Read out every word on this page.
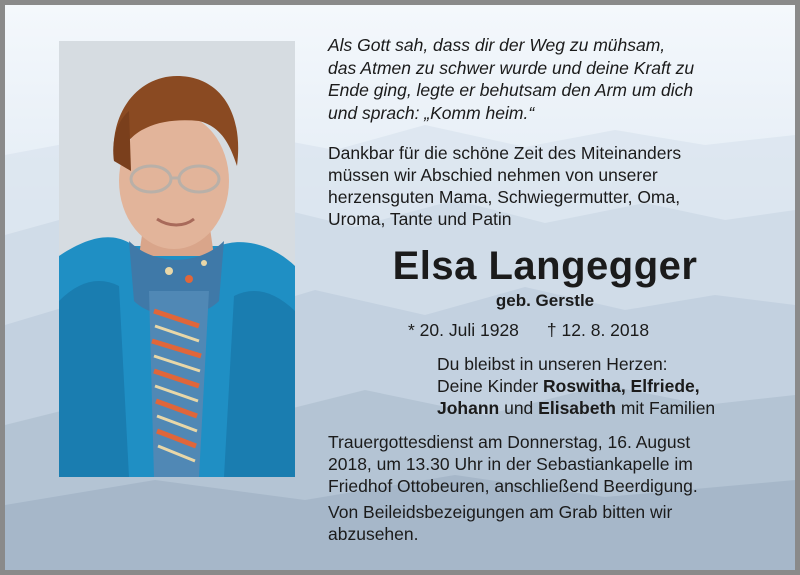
Als Gott sah, dass dir der Weg zu mühsam,
das Atmen zu schwer wurde und deine Kraft zu
Ende ging, legte er behutsam den Arm um dich
und sprach: „Komm heim.“
Dankbar für die schöne Zeit des Miteinanders
müssen wir Abschied nehmen von unserer
herzensguten Mama, Schwiegermutter, Oma,
Uroma, Tante und Patin
Elsa Langegger
geb. Gerstle
* 20. Juli 1928 † 12. 8. 2018
Du bleibst in unseren Herzen:
Deine Kinder Roswitha, Elfriede,
Johann und Elisabeth mit Familien
Trauergottesdienst am Donnerstag, 16. August
2018, um 13.30 Uhr in der Sebastiankapelle im
Friedhof Ottobeuren, anschließend Beerdigung.
Von Beileidsbezeigungen am Grab bitten wir
abzusehen.
